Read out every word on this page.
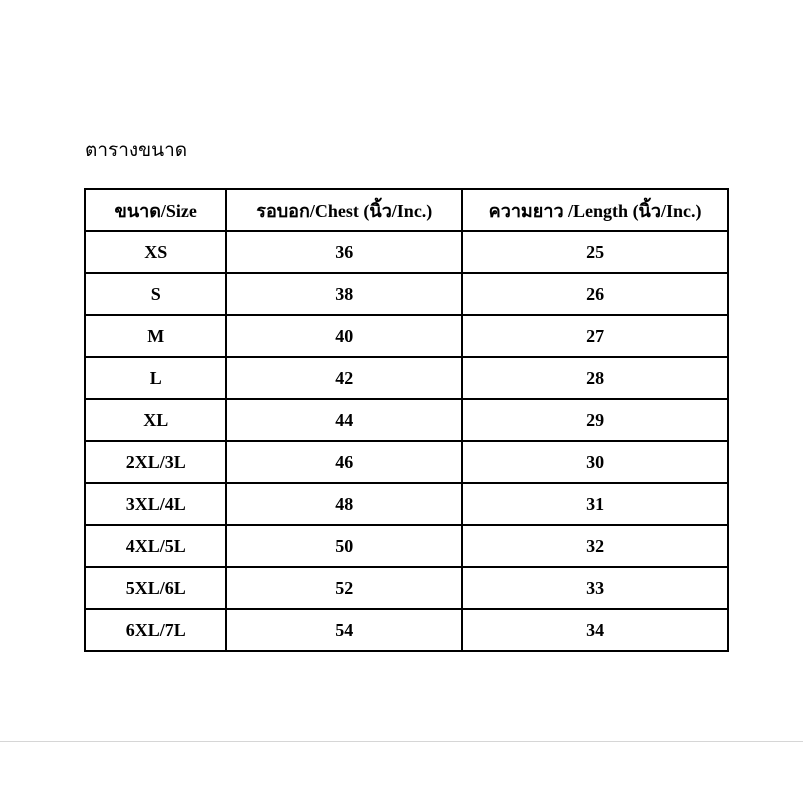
ตารางขนาด
ขนาด/Size	รอบอก/Chest (นิ้ว/Inc.)	ความยาว /Length (นิ้ว/Inc.)
XS	36	25
S	38	26
M	40	27
L	42	28
XL	44	29
2XL/3L	46	30
3XL/4L	48	31
4XL/5L	50	32
5XL/6L	52	33
6XL/7L	54	34
